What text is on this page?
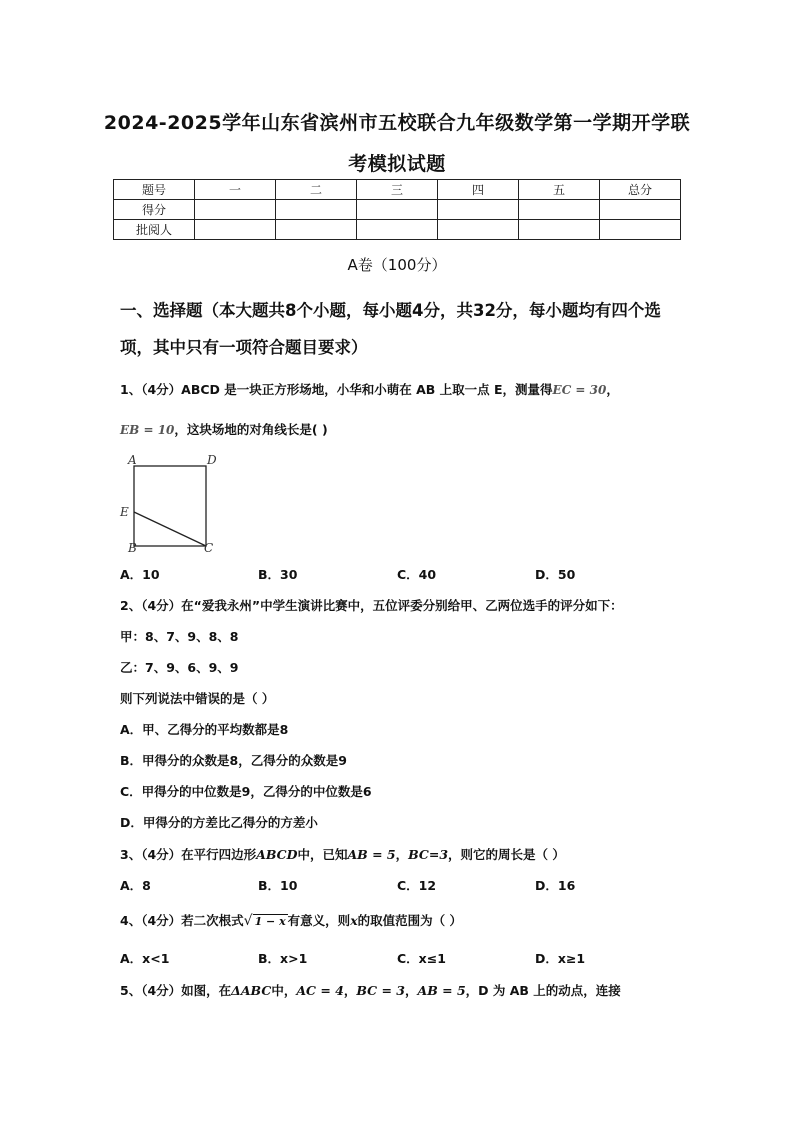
2024-2025学年山东省滨州市五校联合九年级数学第一学期开学联
考模拟试题
题号	一	二	三	四	五	总分
得分						
批阅人						
A卷（100分）
一、选择题（本大题共8个小题，每小题4分，共32分，每小题均有四个选项，其中只有一项符合题目要求）
1、（4分）ABCD 是一块正方形场地，小华和小萌在 AB 上取一点 E，测量得EC = 30，
EB = 10，这块场地的对角线长是( )
A	D
E
B	C
A．10	B．30	C．40	D．50
2、（4分）在“爱我永州”中学生演讲比赛中，五位评委分别给甲、乙两位选手的评分如下：
甲：8、7、9、8、8
乙：7、9、6、9、9
则下列说法中错误的是（ ）
A．甲、乙得分的平均数都是8
B．甲得分的众数是8，乙得分的众数是9
C．甲得分的中位数是9，乙得分的中位数是6
D．甲得分的方差比乙得分的方差小
3、（4分）在平行四边形ABCD中，已知AB = 5，BC=3，则它的周长是（ ）
A．8	B．10	C．12	D．16
4、（4分）若二次根式√ 1 − x 有意义，则x的取值范围为（ ）
A．x<1	B．x>1	C．x≤1	D．x≥1
5、（4分）如图，在ΔABC中，AC = 4，BC = 3，AB = 5，D 为 AB 上的动点，连接
